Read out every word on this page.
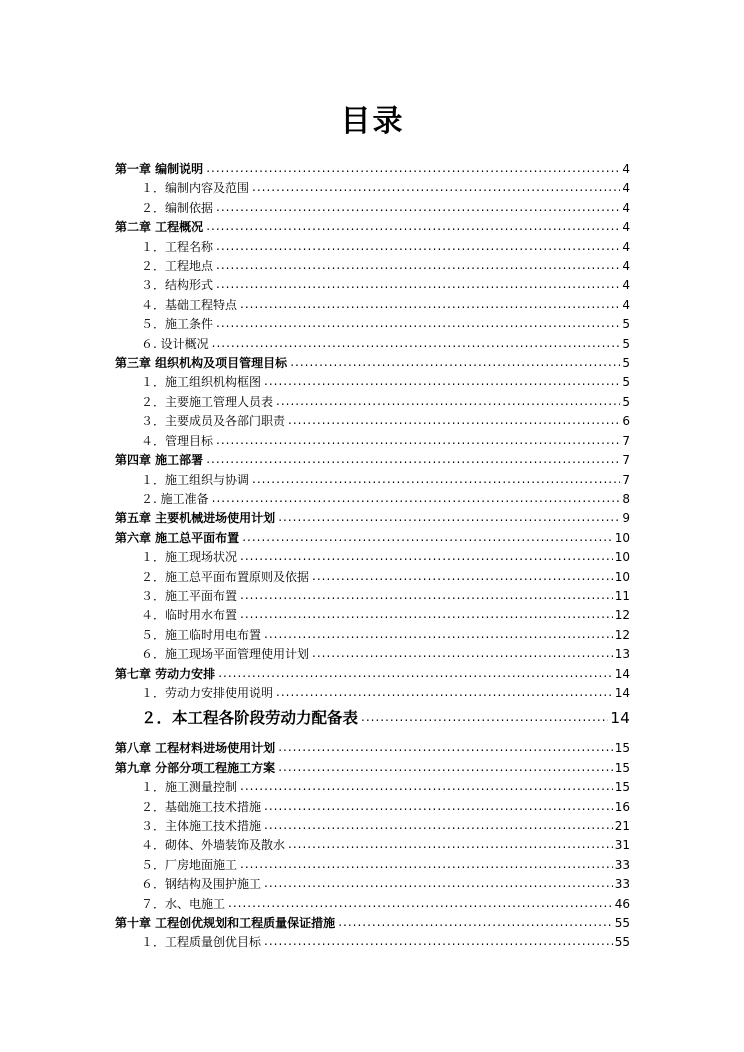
目录
第一章 编制说明 .....	4
１．编制内容及范围 .....	4
２．编制依据 .....	4
第二章 工程概况 .....	4
１．工程名称 .....	4
２．工程地点 .....	4
３．结构形式 .....	4
４．基础工程特点 .....	4
５．施工条件 .....	5
６. 设计概况 .....	5
第三章 组织机构及项目管理目标 .....	5
１．施工组织机构框图 .....	5
２．主要施工管理人员表 .....	5
３．主要成员及各部门职责 .....	6
４．管理目标 .....	7
第四章 施工部署 .....	7
１．施工组织与协调 .....	7
２. 施工准备 .....	8
第五章 主要机械进场使用计划 .....	9
第六章 施工总平面布置 .....	10
１．施工现场状况 .....	10
２．施工总平面布置原则及依据 .....	10
３．施工平面布置 .....	11
４．临时用水布置 .....	12
５．施工临时用电布置 .....	12
６．施工现场平面管理使用计划 .....	13
第七章 劳动力安排 .....	14
１．劳动力安排使用说明 .....	14
２．本工程各阶段劳动力配备表 .....	14
第八章 工程材料进场使用计划 .....	15
第九章 分部分项工程施工方案 .....	15
１．施工测量控制 .....	15
２．基础施工技术措施 .....	16
３．主体施工技术措施 .....	21
４．砌体、外墙装饰及散水 .....	31
５．厂房地面施工 .....	33
６．钢结构及围护施工 .....	33
７．水、电施工 .....	46
第十章 工程创优规划和工程质量保证措施 .....	55
１．工程质量创优目标 .....	55
